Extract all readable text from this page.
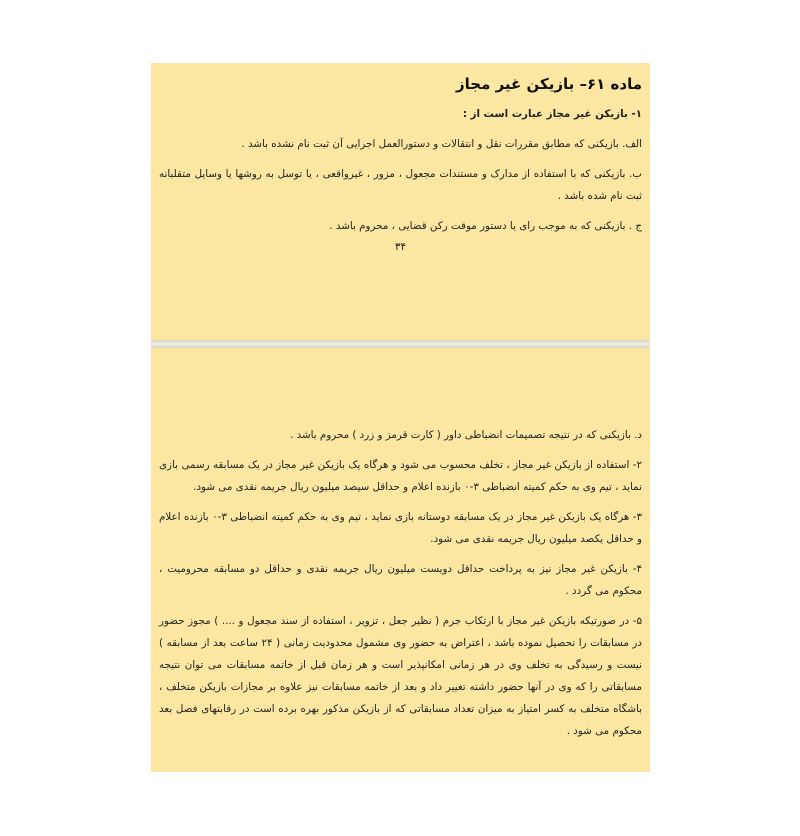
ماده ۶۱– بازیکن غیر مجاز

۱- بازیکن غیر مجاز عبارت است از :

الف. بازیکنی که مطابق مقررات نقل و انتقالات و دستورالعمل اجرایی آن ثبت نام نشده باشد .

ب. بازیکنی که با استفاده از مدارک و مستندات مجعول ، مزور ، غیرواقعی ، یا توسل به روشها یا وسایل متقلبانه ثبت نام شده باشد .

ج . بازیکنی که به موجب رای یا دستور موقت رکن قضایی ، محروم باشد .

۳۴

د. بازیکنی که در نتیجه تصمیمات انضباطی داور ( کارت قرمز و زرد ) محروم باشد .

۲- استفاده از بازیکن غیر مجاز ، تخلف محسوب می شود و هرگاه یک بازیکن غیر مجاز در یک مسابقه رسمی بازی نماید ، تیم وی به حکم کمیته انضباطی ۳-۰ بازنده اعلام و حداقل سیصد میلیون ریال جریمه نقدی می شود.

۳- هرگاه یک بازیکن غیر مجاز در یک مسابقه دوستانه بازی نماید ، تیم وی به حکم کمیته انضباطی ۳-۰ بازنده اعلام و حداقل یکصد میلیون ریال جریمه نقدی می شود.

۴- بازیکن غیر مجاز نیز به پرداخت حداقل دویست میلیون ریال جریمه نقدی و حداقل دو مسابقه محرومیت ، محکوم می گردد .

۵- در صورتیکه بازیکن غیر مجاز با ارتکاب جرم ( نظیر جعل ، تزویر ، استفاده از سند مجعول و .... ) مجوز حضور در مسابقات را تحصیل نموده باشد ، اعتراض به حضور وی مشمول محدودیت زمانی ( ۲۴ ساعت بعد از مسابقه ) نیست و رسیدگی به تخلف وی در هر زمانی امکانپذیر است و هر زمان قبل از خاتمه مسابقات می توان نتیجه مسابقاتی را که وی در آنها حضور داشته تغییر داد و بعد از خاتمه مسابقات نیز علاوه بر مجازات بازیکن متخلف ، باشگاه متخلف به کسر امتیاز به میزان تعداد مسابقاتی که از بازیکن مذکور بهره برده است در رقابتهای فصل بعد محکوم می شود .
